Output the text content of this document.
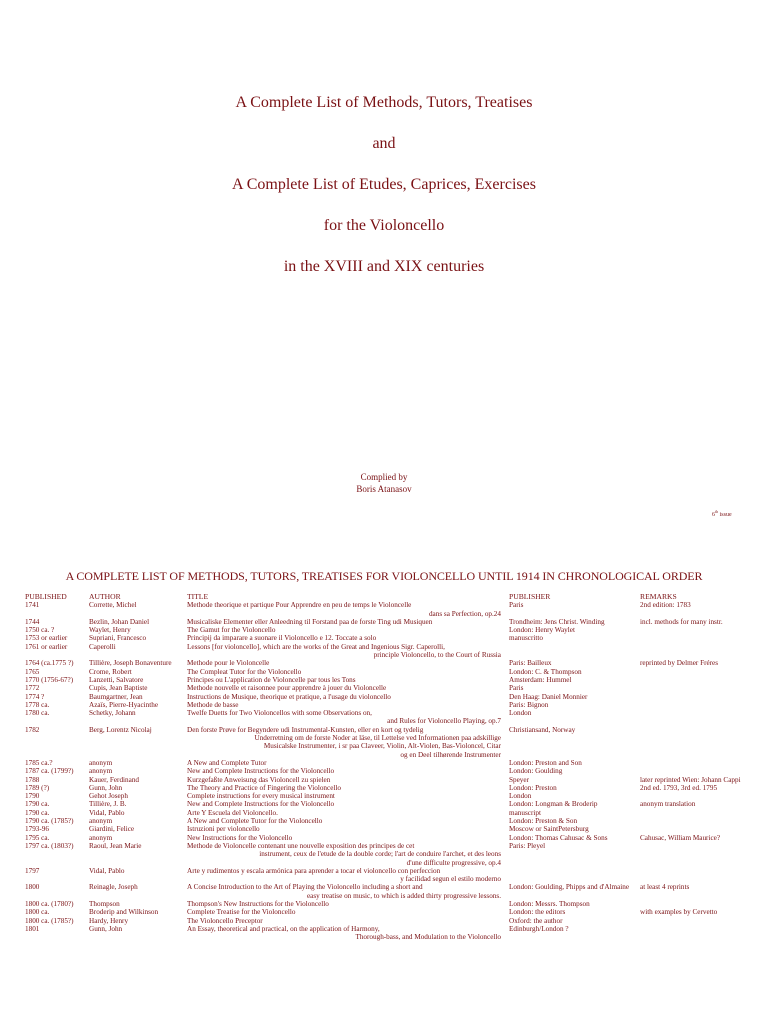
A Complete List of Methods, Tutors, Treatises
and
A Complete List of Etudes, Caprices, Exercises
for the Violoncello
in the XVIII and XIX centuries
Complied by
Boris Atanasov
6th issue
A COMPLETE LIST OF METHODS, TUTORS, TREATISES FOR VIOLONCELLO UNTIL 1914 IN CHRONOLOGICAL ORDER
PUBLISHED	AUTHOR	TITLE	PUBLISHER	REMARKS
1741	Corrette, Michel	Methode theorique et partique Pour Apprendre en peu de temps le Violoncelle	Paris	2nd edition: 1783
dans sa Perfection, op.24
1744	Bezlin, Johan Daniel	Musicaliske Elementer eller Anleedning til Forstand paa de forste Ting udi Musiquen	Trondheim: Jens Christ. Winding	incl. methods for many instr.
1750 ca. ?	Waylet, Henry	The Gamut for the Violoncello	London: Henry Waylet
1753 or earlier	Supriani, Francesco	Principij da imparare a suonare il Violoncello e 12. Toccate a solo	manuscritto
1761 or earlier	Caperolli	Lessons [for violoncello], which are the works of the Great and Ingenious Sigr. Caperolli,
principle Violoncello, to the Court of Russia
1764 (ca.1775 ?)	Tillière, Joseph Bonaventure	Methode pour le Violoncelle	Paris: Bailleux	reprinted by Delmer Fréres
1765	Crome, Robert	The Compleat Tutor for the Violoncello	London: C. & Thompson
1770 (1756-67?)	Lanzetti, Salvatore	Principes ou L'application de Violoncelle par tous les Tons	Amsterdam: Hummel
1772	Cupis, Jean Baptiste	Methode nouvelle et raisonnee pour apprendre à jouer du Violoncelle	Paris
1774 ?	Baumgartner, Jean	Instructions de Musique, theorique et pratique, a l'usage du violoncello	Den Haag: Daniel Monnier
1778 ca.	Azaïs, Pierre-Hyacinthe	Methode de basse	Paris: Bignon
1780 ca.	Schetky, Johann	Twelfe Duetts for Two Violoncellos with some Observations on,	London
and Rules for Violoncello Playing, op.7
1782	Berg, Lorentz Nicolaj	Den forste Prøve for Begyndere udi Instrumental-Kunsten, eller en kort og tydelig	Christiansand, Norway
Underretning om de forste Noder at läse, til Lettelse ved Informationen paa adskillige
Musicalske Instrumenter, i sr paa Claveer, Violin, Alt-Violen, Bas-Violoncel, Citar
og en Deel tilhørende Instrumenter
1785 ca.?	anonym	A New and Complete Tutor	London: Preston and Son
1787 ca. (1799?)	anonym	New and Complete Instructions for the Violoncello	London: Goulding
1788	Kauer, Ferdinand	Kurzgefaßte Anweisung das Violoncell zu spielen	Speyer	later reprinted Wien: Johann Cappi
1789 (?)	Gunn, John	The Theory and Practice of Fingering the Violoncello	London: Preston	2nd ed. 1793, 3rd ed. 1795
1790	Gehot Joseph	Complete instructions for every musical instrument	London
1790 ca.	Tillière, J. B.	New and Complete Instructions for the Violoncello	London: Longman & Broderip	anonym translation
1790 ca.	Vidal, Pablo	Arte Y Escuela del Violoncello.	manuscript
1790 ca. (1785?)	anonym	A New and Complete Tutor for the Violoncello	London: Preston & Son
1793-96	Giardini, Felice	Istruzioni per violoncello	Moscow or SaintPetersburg
1795 ca.	anonym	New Instructions for the Violoncello	London: Thomas Cahusac & Sons	Cahusac, William Maurice?
1797 ca. (1803?)	Raoul, Jean Marie	Methode de Violoncelle contenant une nouvelle exposition des principes de cet	Paris: Pleyel
instrument, ceux de l'etude de la double corde; l'art de conduire l'archet, et des leons
d'une difficulte progressive, op.4
1797	Vidal, Pablo	Arte y rudimentos y escala armónica para aprender a tocar el violoncello con perfeccion
y facilidad segun el estilo moderno
1800	Reinagle, Joseph	A Concise Introduction to the Art of Playing the Violoncello including a short and	London: Goulding, Phipps and d'Almaine	at least 4 reprints
easy treatise on music, to which is added thirty progressive lessons.
1800 ca. (1780?)	Thompson	Thompson's New Instructions for the Violoncello	London: Messrs. Thompson
1800 ca.	Broderip and Wilkinson	Complete Treatise for the Violoncello	London: the editors	with examples by Cervetto
1800 ca. (1785?)	Hardy, Henry	The Violoncello Preceptor	Oxford: the author
1801	Gunn, John	An Essay, theoretical and practical, on the application of Harmony,	Edinburgh/London ?
Thorough-bass, and Modulation to the Violoncello
